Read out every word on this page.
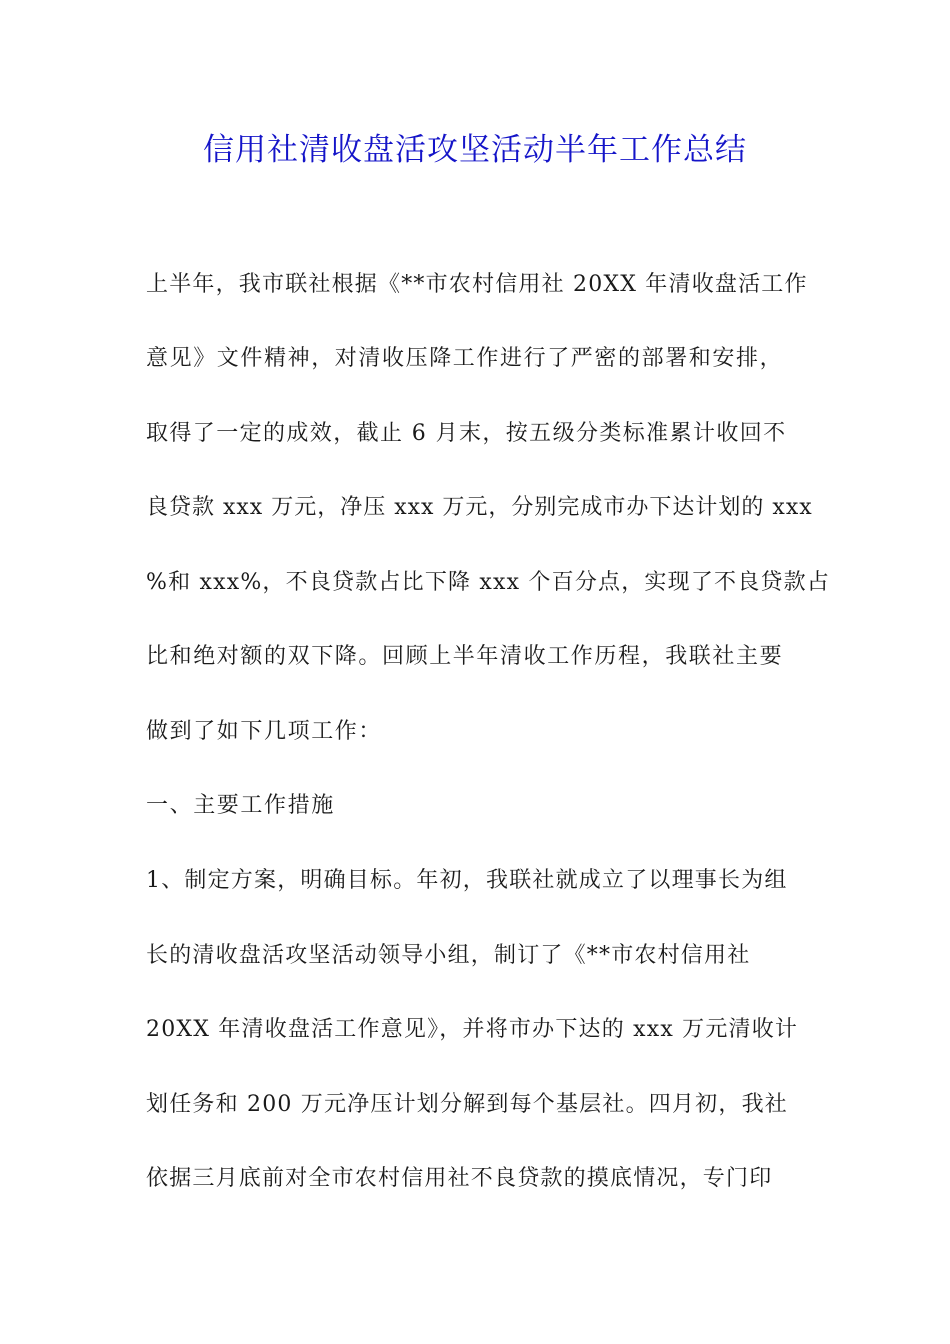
信用社清收盘活攻坚活动半年工作总结

上半年，我市联社根据《**市农村信用社 20XX 年清收盘活工作

意见》文件精神，对清收压降工作进行了严密的部署和安排，

取得了一定的成效，截止 6 月末，按五级分类标准累计收回不

良贷款 xxx 万元，净压 xxx 万元，分别完成市办下达计划的 xxx

%和 xxx%，不良贷款占比下降 xxx 个百分点，实现了不良贷款占

比和绝对额的双下降。回顾上半年清收工作历程，我联社主要

做到了如下几项工作：

一、主要工作措施

1、制定方案，明确目标。年初，我联社就成立了以理事长为组

长的清收盘活攻坚活动领导小组，制订了《**市农村信用社

20XX 年清收盘活工作意见》，并将市办下达的 xxx 万元清收计

划任务和 200 万元净压计划分解到每个基层社。四月初，我社

依据三月底前对全市农村信用社不良贷款的摸底情况，专门印
